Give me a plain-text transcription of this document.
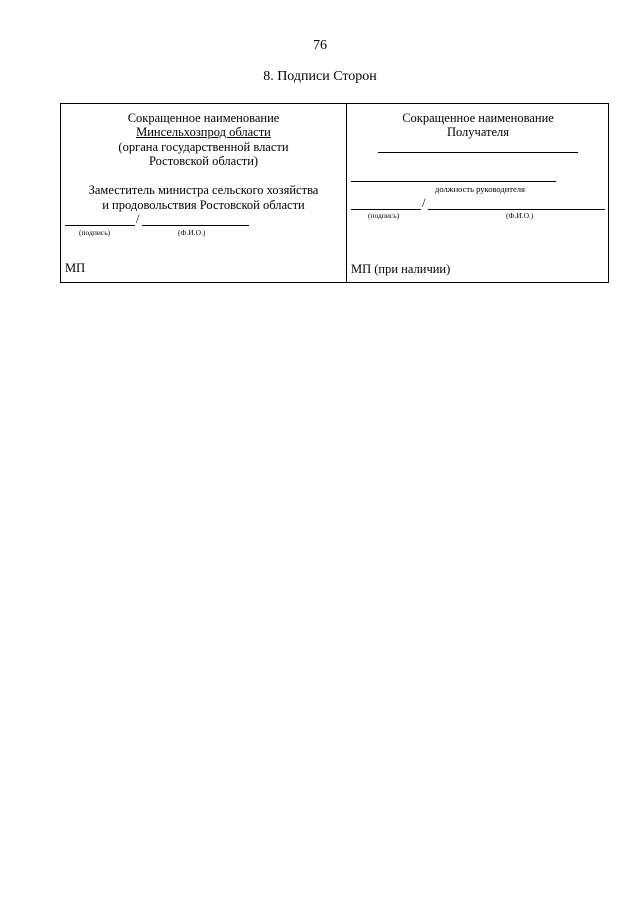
76
8. Подписи Сторон
Сокращенное наименование
Минсельхозпрод области
(органа государственной власти
Ростовской области)
Заместитель министра сельского хозяйства
и продовольствия Ростовской области
/
(подпись)	(Ф.И.О.)
МП
Сокращенное наименование
Получателя
должность руководителя
/
(подпись)	(Ф.И.О.)
МП (при наличии)
